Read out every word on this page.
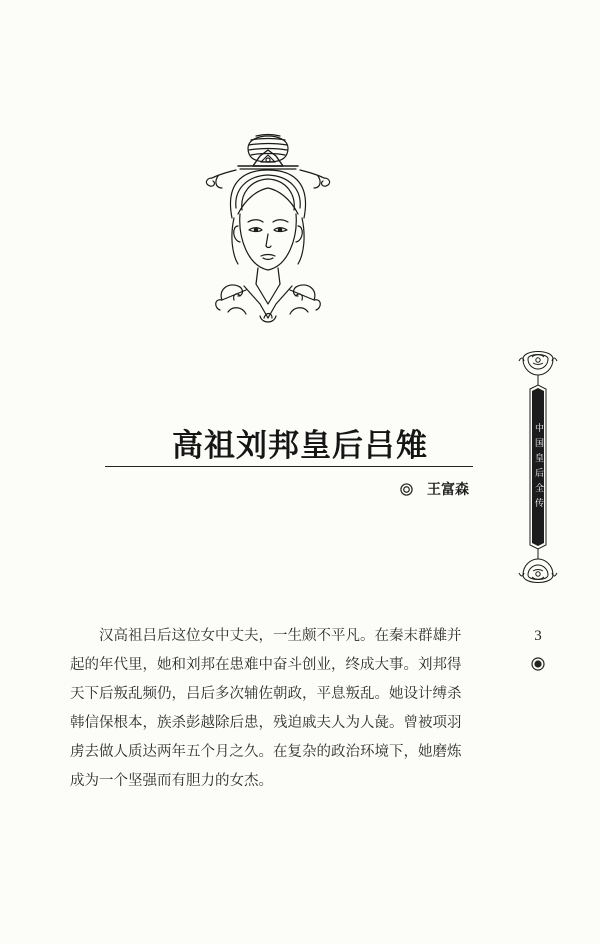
高祖刘邦皇后吕雉
王富森
汉高祖吕后这位女中丈夫，一生颇不平凡。在秦末群雄并
起的年代里，她和刘邦在患难中奋斗创业，终成大事。刘邦得
天下后叛乱频仍，吕后多次辅佐朝政，平息叛乱。她设计缚杀
韩信保根本，族杀彭越除后患，残迫戚夫人为人彘。曾被项羽
虏去做人质达两年五个月之久。在复杂的政治环境下，她磨炼
成为一个坚强而有胆力的女杰。
中国皇后全传
3
